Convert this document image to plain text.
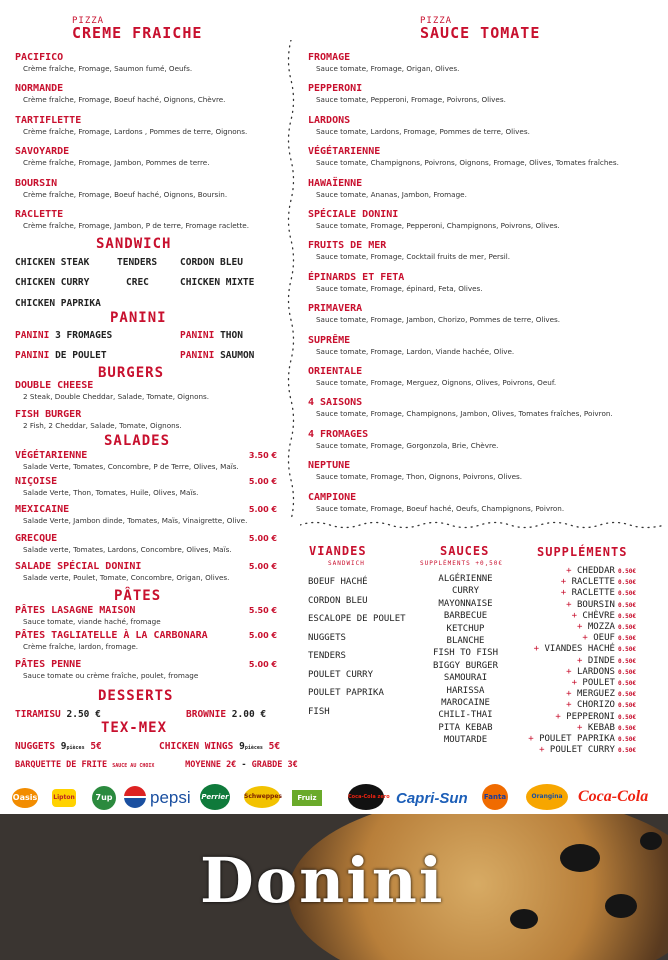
PIZZA
CREME FRAICHE
PACIFICO
Crème fraîche, Fromage, Saumon fumé, Oeufs.
NORMANDE
Crème fraîche, Fromage, Boeuf haché, Oignons, Chèvre.
TARTIFLETTE
Crème fraîche, Fromage, Lardons , Pommes de terre, Oignons.
SAVOYARDE
Crème fraîche, Fromage, Jambon, Pommes de terre.
BOURSIN
Crème fraîche, Fromage, Boeuf haché, Oignons, Boursin.
RACLETTE
Crème fraîche, Fromage, Jambon, P de terre, Fromage raclette.
SANDWICH
CHICKEN STEAK	TENDERS CORDON BLEU
CHICKEN CURRY	CREC	CHICKEN MIXTE
CHICKEN PAPRIKA
PANINI
PANINI 3 FROMAGES	PANINI THON
PANINI DE POULET	PANINI SAUMON
BURGERS
DOUBLE CHEESE
2 Steak, Double Cheddar, Salade, Tomate, Oignons.
FISH BURGER
2 Fish, 2 Cheddar, Salade, Tomate, Oignons.
SALADES
VÉGÉTARIENNE
Salade Verte, Tomates, Concombre, P de Terre, Olives, Maïs.
3.50 €
NIÇOISE
Salade Verte, Thon, Tomates, Huile, Olives, Maïs.
5.00 €
MEXICAINE
Salade Verte, Jambon dinde, Tomates, Maïs, Vinaigrette, Olive.
5.00 €
GRECQUE
Salade verte, Tomates, Lardons, Concombre, Olives, Maïs.
5.00 €
SALADE SPÉCIAL DONINI
Salade verte, Poulet, Tomate, Concombre, Origan, Olives.
5.00 €
PÂTES
PÂTES LASAGNE MAISON
Sauce tomate, viande haché, fromage
5.50 €
PÂTES TAGLIATELLE À LA CARBONARA
Crème fraîche, lardon, fromage.
5.00 €
PÂTES PENNE
Sauce tomate ou crème fraîche, poulet, fromage
5.00 €
DESSERTS
TIRAMISU 2.50 €	BROWNIE 2.00 €
TEX-MEX
NUGGETS 9pièces 5€	CHICKEN WINGS 9pièces 5€
BARQUETTE DE FRITE SAUCE AU CHOIX	MOYENNE 2€ - GRABDE 3€
PIZZA
SAUCE TOMATE
FROMAGE
Sauce tomate, Fromage, Origan, Olives.
PEPPERONI
Sauce tomate, Pepperoni, Fromage, Poivrons, Olives.
LARDONS
Sauce tomate, Lardons, Fromage, Pommes de terre, Olives.
VÉGÉTARIENNE
Sauce tomate, Champignons, Poivrons, Oignons, Fromage, Olives, Tomates fraîches.
HAWAÏENNE
Sauce tomate, Ananas, Jambon, Fromage.
SPÉCIALE DONINI
Sauce tomate, Fromage, Pepperoni, Champignons, Poivrons, Olives.
FRUITS DE MER
Sauce tomate, Fromage, Cocktail fruits de mer, Persil.
ÉPINARDS ET FETA
Sauce tomate, Fromage, épinard, Feta, Olives.
PRIMAVERA
Sauce tomate, Fromage, Jambon, Chorizo, Pommes de terre, Olives.
SUPRÊME
Sauce tomate, Fromage, Lardon, Viande hachée, Olive.
ORIENTALE
Sauce tomate, Fromage, Merguez, Oignons, Olives, Poivrons, Oeuf.
4 SAISONS
Sauce tomate, Fromage, Champignons, Jambon, Olives, Tomates fraîches, Poivron.
4 FROMAGES
Sauce tomate, Fromage, Gorgonzola, Brie, Chèvre.
NEPTUNE
Sauce tomate, Fromage, Thon, Oignons, Poivrons, Olives.
CAMPIONE
Sauce tomate, Fromage, Boeuf haché, Oeufs, Champignons, Poivron.
VIANDES
SANDWICH
BOEUF HACHÉ
CORDON BLEU
ESCALOPE DE POULET
NUGGETS
TENDERS
POULET CURRY
POULET PAPRIKA
FISH
SAUCES
SUPPLÉMENTS +0,50€
ALGÉRIENNE
CURRY
MAYONNAISE
BARBECUE
KETCHUP
BLANCHE
FISH TO FISH
BIGGY BURGER
SAMOURAI
HARISSA
MAROCAINE
CHILI-THAI
PITA KEBAB
MOUTARDE
SUPPLÉMENTS
+ CHEDDAR 0.50€
+ RACLETTE 0.50€
+ RACLETTE 0.50€
+ BOURSIN 0.50€
+ CHÈVRE 0.50€
+ MOZZA 0.50€
+ OEUF 0.50€
+ VIANDES HACHÉ 0.50€
+ DINDE 0.50€
+ LARDONS 0.50€
+ POULET 0.50€
+ MERGUEZ 0.50€
+ CHORIZO 0.50€
+ PEPPERONI 0.50€
+ KEBAB 0.50€
+ POULET PAPRIKA 0.50€
+ POULET CURRY 0.50€
Oasis	Lipton	7up pepsi Perrier	Schweppes	Fruiz	Coca-Cola zero Capri-Sun Fanta	Orangina Coca-Cola
Donini
